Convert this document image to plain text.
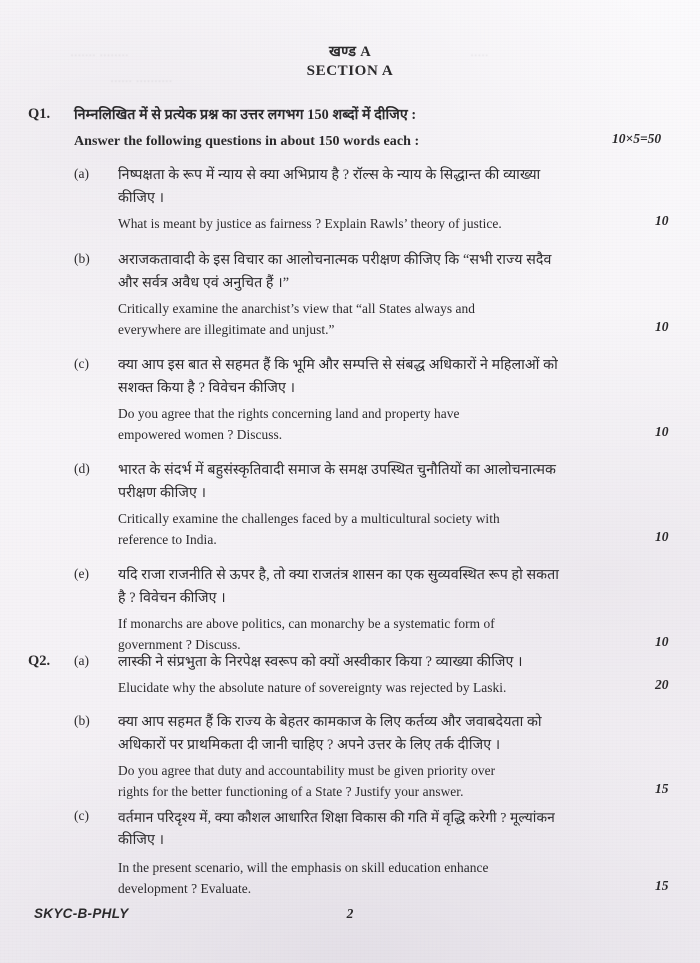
........ .......	.....
.......... ......
खण्ड A
SECTION A
Q1.	निम्नलिखित में से प्रत्येक प्रश्न का उत्तर लगभग 150 शब्दों में दीजिए :
Answer the following questions in about 150 words each :	10×5=50
(a)	निष्पक्षता के रूप में न्याय से क्या अभिप्राय है ? रॉल्स के न्याय के सिद्धान्त की व्याख्या
कीजिए ।
What is meant by justice as fairness ? Explain Rawls’ theory of justice.	10
(b)	अराजकतावादी के इस विचार का आलोचनात्मक परीक्षण कीजिए कि “सभी राज्य सदैव
और सर्वत्र अवैध एवं अनुचित हैं ।”
Critically examine the anarchist’s view that “all States always and
everywhere are illegitimate and unjust.”	10
(c)	क्या आप इस बात से सहमत हैं कि भूमि और सम्पत्ति से संबद्ध अधिकारों ने महिलाओं को
सशक्त किया है ? विवेचन कीजिए ।
Do you agree that the rights concerning land and property have
empowered women ? Discuss.	10
(d)	भारत के संदर्भ में बहुसंस्कृतिवादी समाज के समक्ष उपस्थित चुनौतियों का आलोचनात्मक
परीक्षण कीजिए ।
Critically examine the challenges faced by a multicultural society with
reference to India.	10
(e)	यदि राजा राजनीति से ऊपर है, तो क्या राजतंत्र शासन का एक सुव्यवस्थित रूप हो सकता
है ? विवेचन कीजिए ।
If monarchs are above politics, can monarchy be a systematic form of
government ? Discuss.	10
Q2.	(a)	लास्की ने संप्रभुता के निरपेक्ष स्वरूप को क्यों अस्वीकार किया ? व्याख्या कीजिए ।
Elucidate why the absolute nature of sovereignty was rejected by Laski.	20
(b)	क्या आप सहमत हैं कि राज्य के बेहतर कामकाज के लिए कर्तव्य और जवाबदेयता को
अधिकारों पर प्राथमिकता दी जानी चाहिए ? अपने उत्तर के लिए तर्क दीजिए ।
Do you agree that duty and accountability must be given priority over
rights for the better functioning of a State ? Justify your answer.	15
(c)	वर्तमान परिदृश्य में, क्या कौशल आधारित शिक्षा विकास की गति में वृद्धि करेगी ? मूल्यांकन
कीजिए ।
In the present scenario, will the emphasis on skill education enhance
development ? Evaluate.	15
SKYC-B-PHLY	2
